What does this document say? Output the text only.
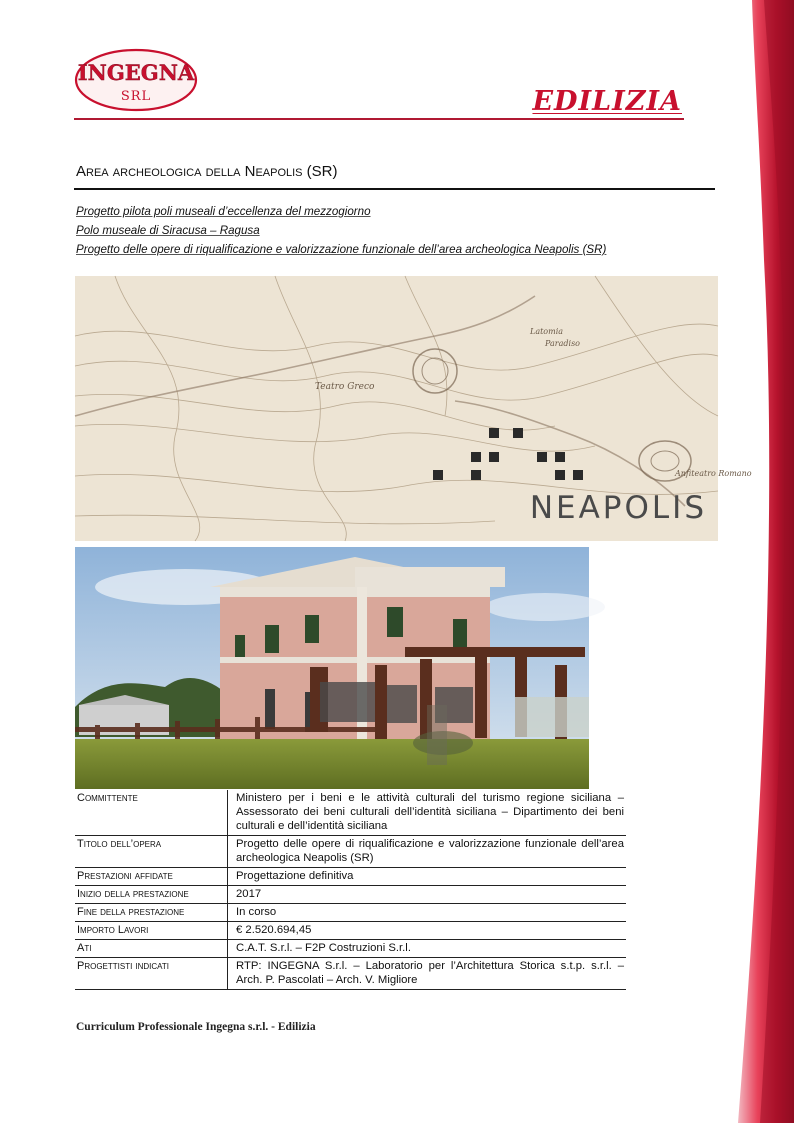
INGEGNA
SRL	EDILIZIA
Area archeologica della Neapolis (SR)
Progetto pilota poli museali d’eccellenza del mezzogiorno
Polo museale di Siracusa – Ragusa
Progetto delle opere di riqualificazione e valorizzazione funzionale dell’area archeologica Neapolis (SR)
Teatro Greco
Anfiteatro Romano
Latomia
Paradiso
NEAPOLIS
Committente	Ministero per i beni e le attività culturali del turismo regione siciliana – Assessorato dei beni culturali dell’identità siciliana – Dipartimento dei beni culturali e dell’identità siciliana
Titolo dell’opera	Progetto delle opere di riqualificazione e valorizzazione funzionale dell’area archeologica Neapolis (SR)
Prestazioni affidate	Progettazione definitiva
Inizio della prestazione	2017
Fine della prestazione	In corso
Importo Lavori	€ 2.520.694,45
Ati	C.A.T. S.r.l. – F2P Costruzioni S.r.l.
Progettisti indicati	RTP: INGEGNA S.r.l. – Laboratorio per l’Architettura Storica s.t.p. s.r.l. – Arch. P. Pascolati – Arch. V. Migliore
Curriculum Professionale Ingegna s.r.l. - Edilizia
